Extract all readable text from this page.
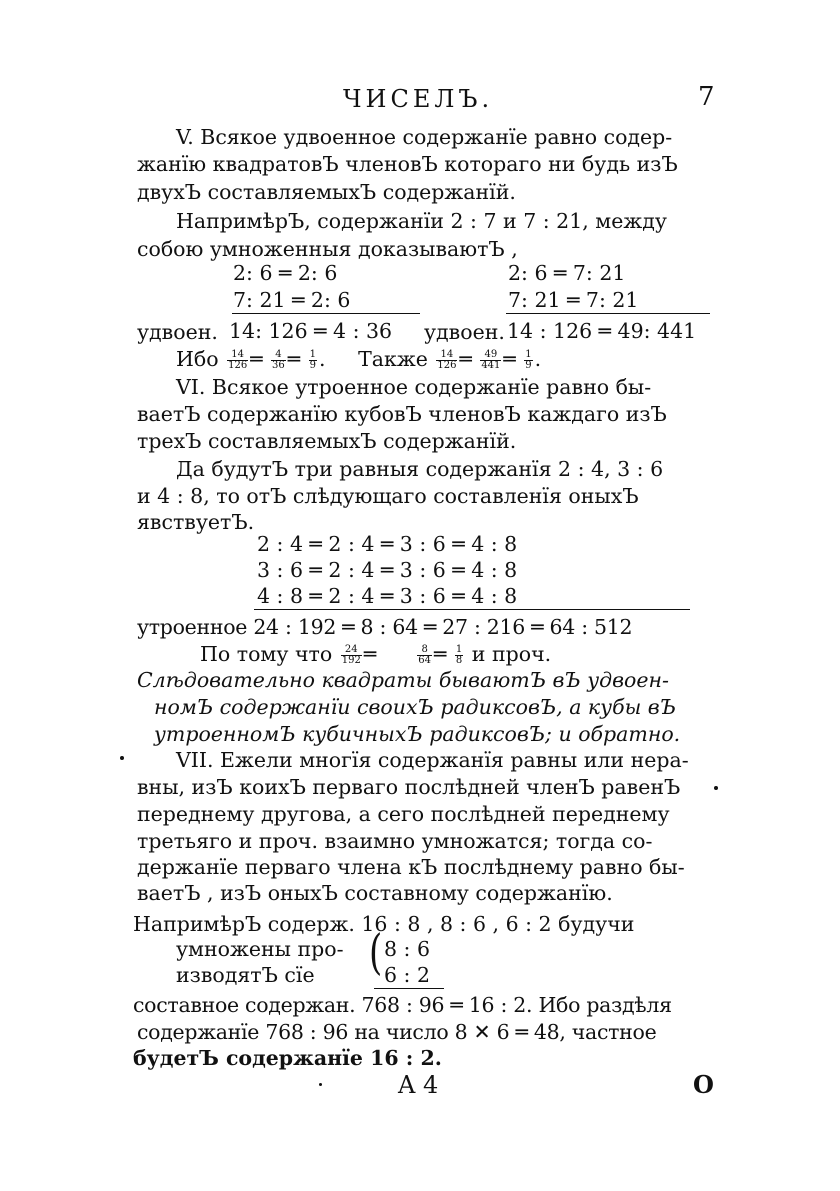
ЧИСЕЛЪ.	7
V. Всякое удвоенное содержанïе равно содер-
жанïю квадратовЪ членовЪ котораго ни будь изЪ
двухЪ составляемыхЪ содержанïй.
НапримѣрЪ, содержанïи 2 : 7 и 7 : 21, между
собою умноженныя доказываютЪ ,
2: 6 ═ 2: 6	2: 6 ═ 7: 21
7: 21 ═ 2: 6	7: 21 ═ 7: 21
удвоен. 14: 126 ═ 4 : 36 удвоен. 14 : 126 ═ 49: 441
Ибо $\frac{14}{126}$ ═ $\frac{4}{36}$ ═ $\frac{1}{9}$ .     Также $\frac{14}{126}$ ═ $\frac{49}{441}$ ═ $\frac{1}{9}$ .
VI. Всякое утроенное содержанïе равно бы-
ваетЪ содержанïю кубовЪ членовЪ каждаго изЪ
трехЪ составляемыхЪ содержанïй.
Да будутЪ три равныя содержанïя 2 : 4, 3 : 6
и 4 : 8, то отЪ слѣдующаго составленïя оныхЪ
явствуетЪ.
2 : 4 ═ 2 : 4 ═ 3 : 6 ═ 4 : 8
3 : 6 ═ 2 : 4 ═ 3 : 6 ═ 4 : 8
4 : 8 ═ 2 : 4 ═ 3 : 6 ═ 4 : 8
утроенное 24 : 192 ═ 8 : 64 ═ 27 : 216 ═ 64 : 512
По тому что $\frac{24}{192}$ ═ $\frac{8}{64}$ ═ $\frac{1}{8}$ и проч.
Слѣдовательно квадраты бываютЪ вЪ удвоен-
номЪ содержанïи своихЪ радиксовЪ, а кубы вЪ
утроенномЪ кубичныхЪ радиксовЪ; и обратно.
VII. Ежели многïя содержанïя равны или нера-
вны, изЪ коихЪ перваго послѣдней членЪ равенЪ
переднему другова, а сего послѣдней переднему
третьяго и проч. взаимно умножатся; тогда со-
держанïе перваго члена кЪ послѣднему равно бы-
ваетЪ , изЪ оныхЪ составному содержанïю.
НапримѣрЪ содерж. 16 : 8 , 8 : 6 , 6 : 2 будучи
умножены про-
изводятЪ сïе ( 8 : 6
6 : 2
составное содержан. 768 : 96 ═ 16 : 2. Ибо раздѣля
содержанïе 768 : 96 на число 8 ✕ 6 ═ 48, частное
будетЪ содержанïе 16 : 2.
A 4	O
